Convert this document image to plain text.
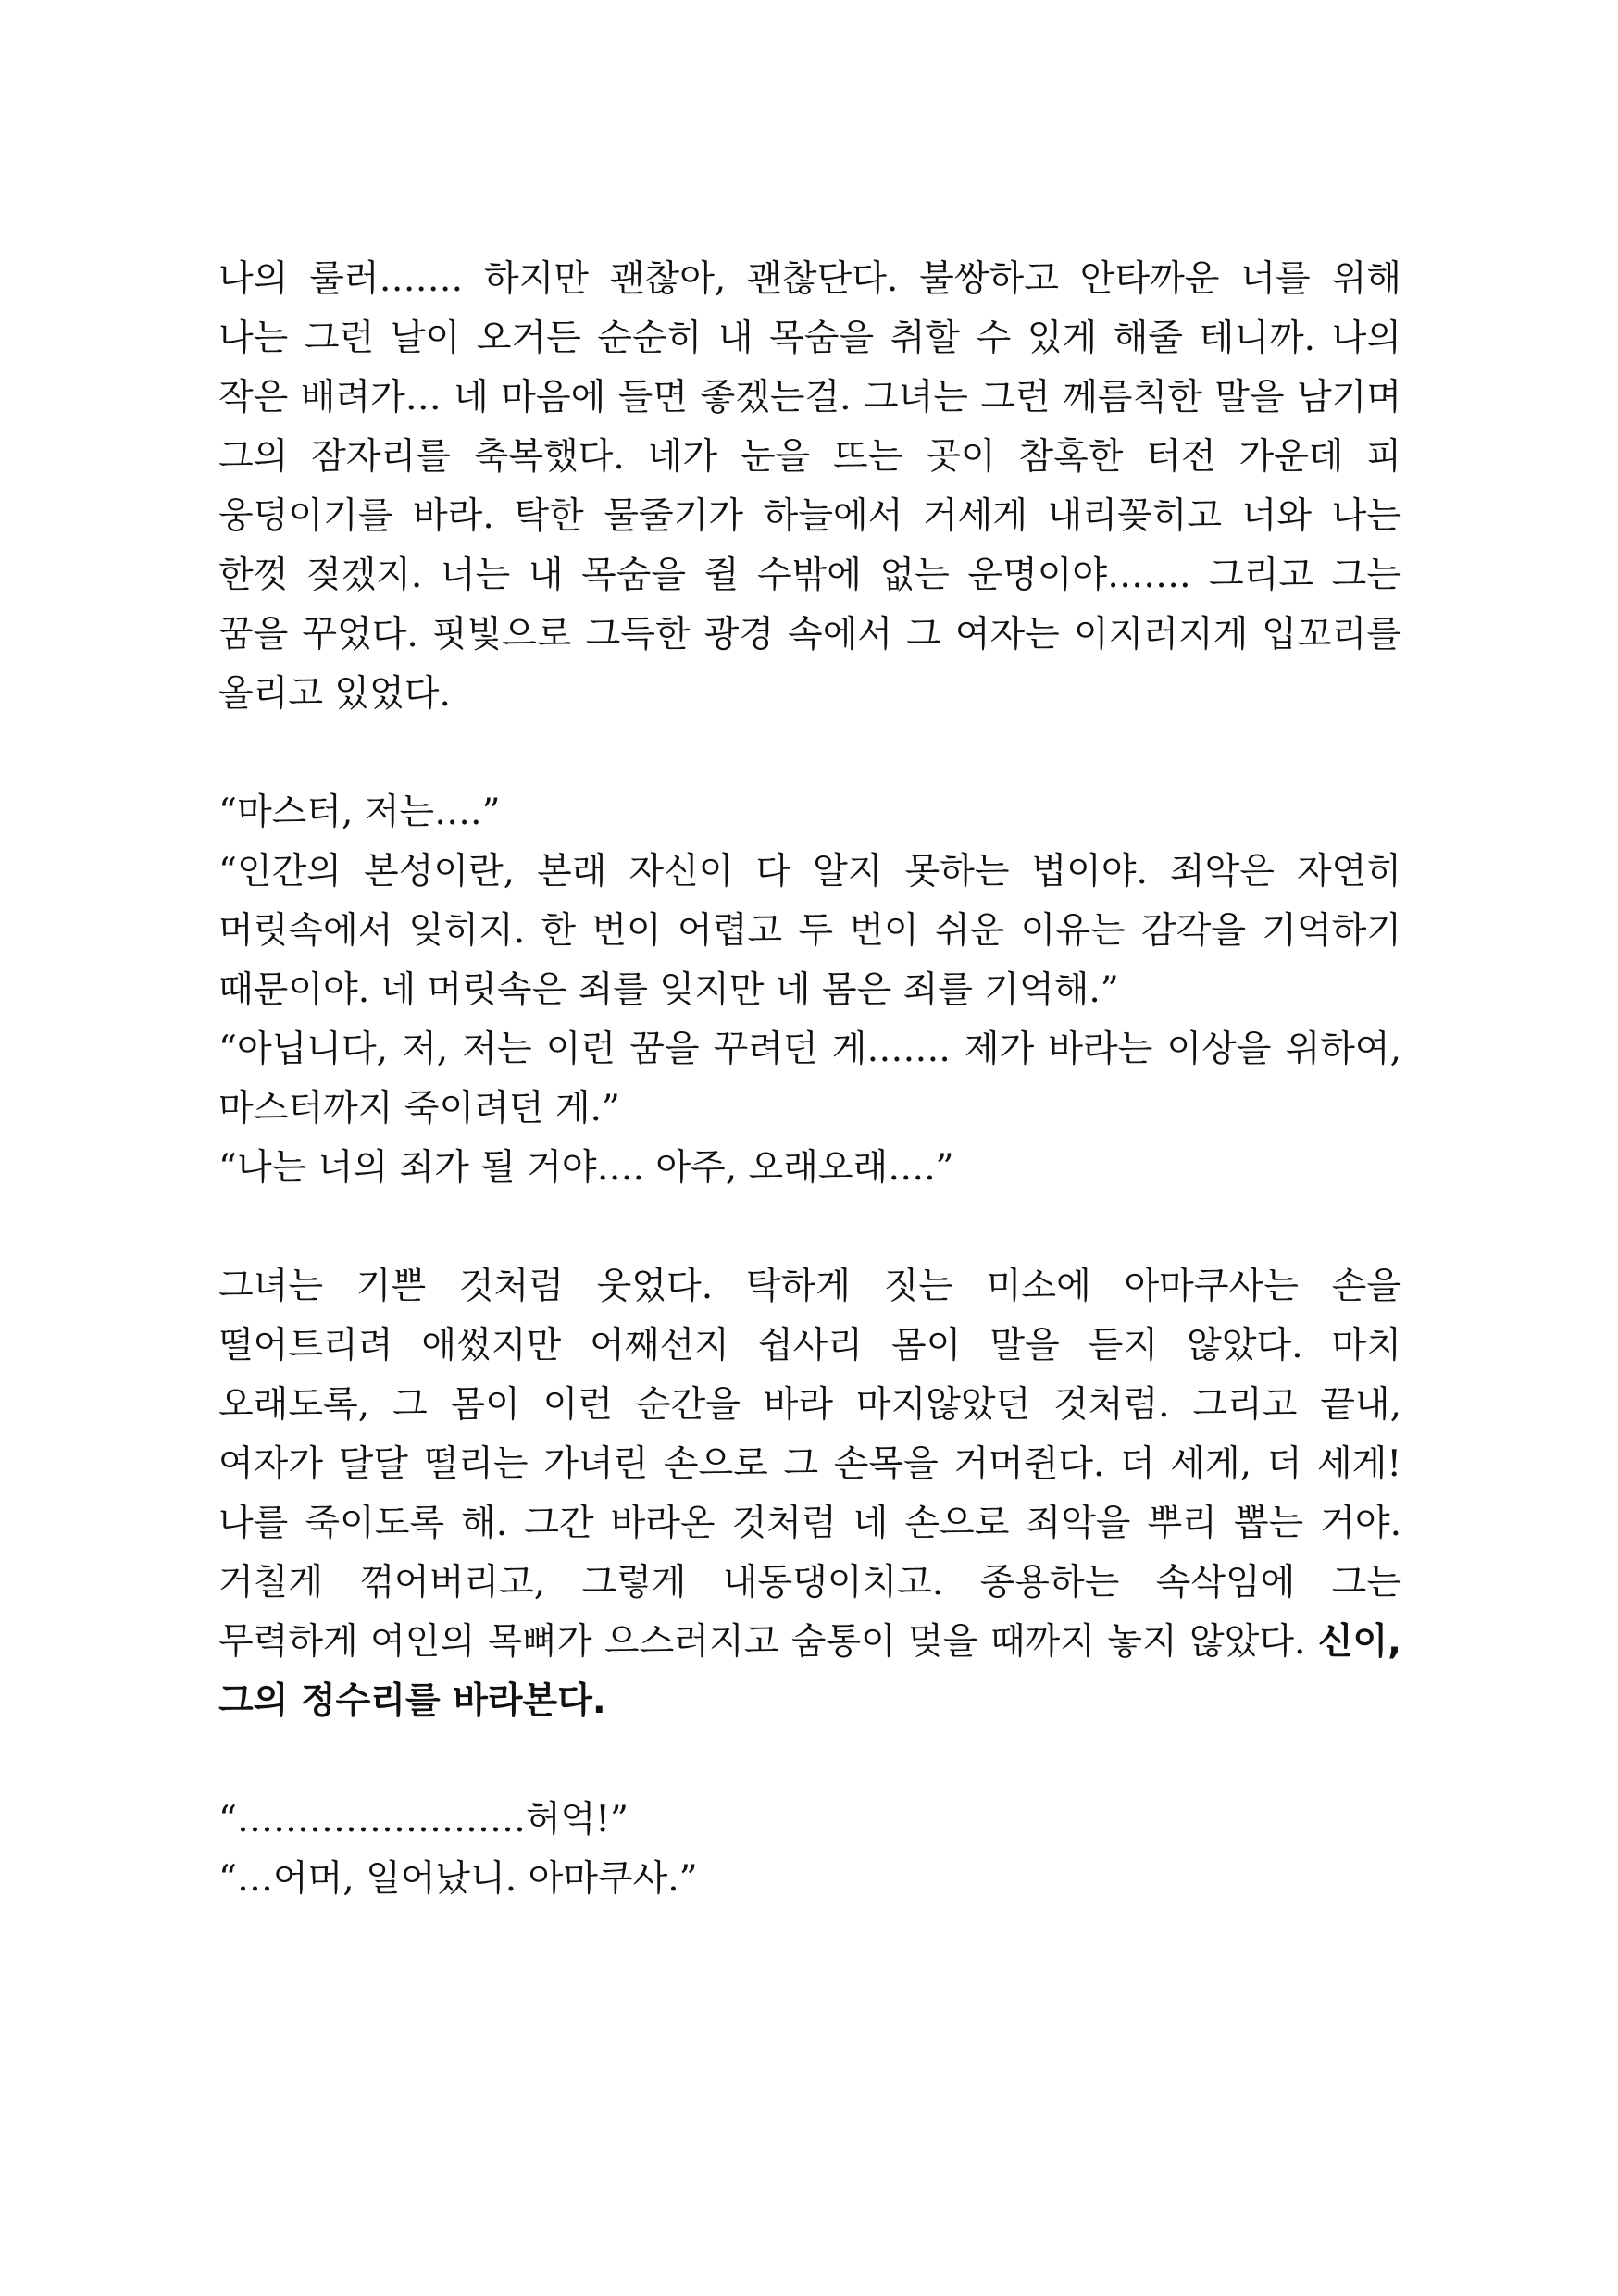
나의 룰러……. 하지만 괜찮아, 괜찮단다. 불쌍하고 안타까운 너를 위해 나는 그런 날이 오거든 순순히 내 목숨을 취할 수 있게 해줄 테니까. 나의 작은 배려가… 네 마음에 들면 좋겠는걸. 그녀는 그런 께름칙한 말을 남기며 그의 잠자리를 축복했다. 네가 눈을 뜨는 곳이 참혹한 터전 가운데 피 웅덩이기를 바라. 탁한 물줄기가 하늘에서 거세게 내리꽂히고 너와 나는 한껏 젖겠지. 너는 내 목숨을 쥘 수밖에 없는 운명이야……. 그리고 그는 꿈을 꾸었다. 핏빛으로 그득한 광경 속에서 그 여자는 이지러지게 입꼬리를 올리고 있었다.

“마스터, 저는….”

“인간의 본성이란, 본래 자신이 다 알지 못하는 법이야. 죄악은 자연히 머릿속에서 잊히지. 한 번이 어렵고 두 번이 쉬운 이유는 감각을 기억하기 때문이야. 네 머릿속은 죄를 잊지만 네 몸은 죄를 기억해.”

“아닙니다, 저, 저는 이런 꿈을 꾸려던 게……. 제가 바라는 이상을 위하여, 마스터까지 죽이려던 게.”

“나는 너의 죄가 될 거야…. 아주, 오래오래….”

그녀는 기쁜 것처럼 웃었다. 탁하게 짓는 미소에 아마쿠사는 손을 떨어트리려 애썼지만 어째선지 쉽사리 몸이 말을 듣지 않았다. 마치 오래도록, 그 몸이 이런 순간을 바라 마지않았던 것처럼. 그리고 끝내, 여자가 달달 떨리는 가녀린 손으로 그 손목을 거머쥔다. 더 세게, 더 세게! 나를 죽이도록 해. 그간 바라온 것처럼 네 손으로 죄악을 뿌리 뽑는 거야. 거칠게 꺾어버리고, 그렇게 내동댕이치고. 종용하는 속삭임에 그는 무력하게 여인의 목뼈가 으스러지고 숨통이 멎을 때까지 놓지 않았다. 신이, 그의 정수리를 바라본다.

“……………………허억!”

“…어머, 일어났니. 아마쿠사.”
